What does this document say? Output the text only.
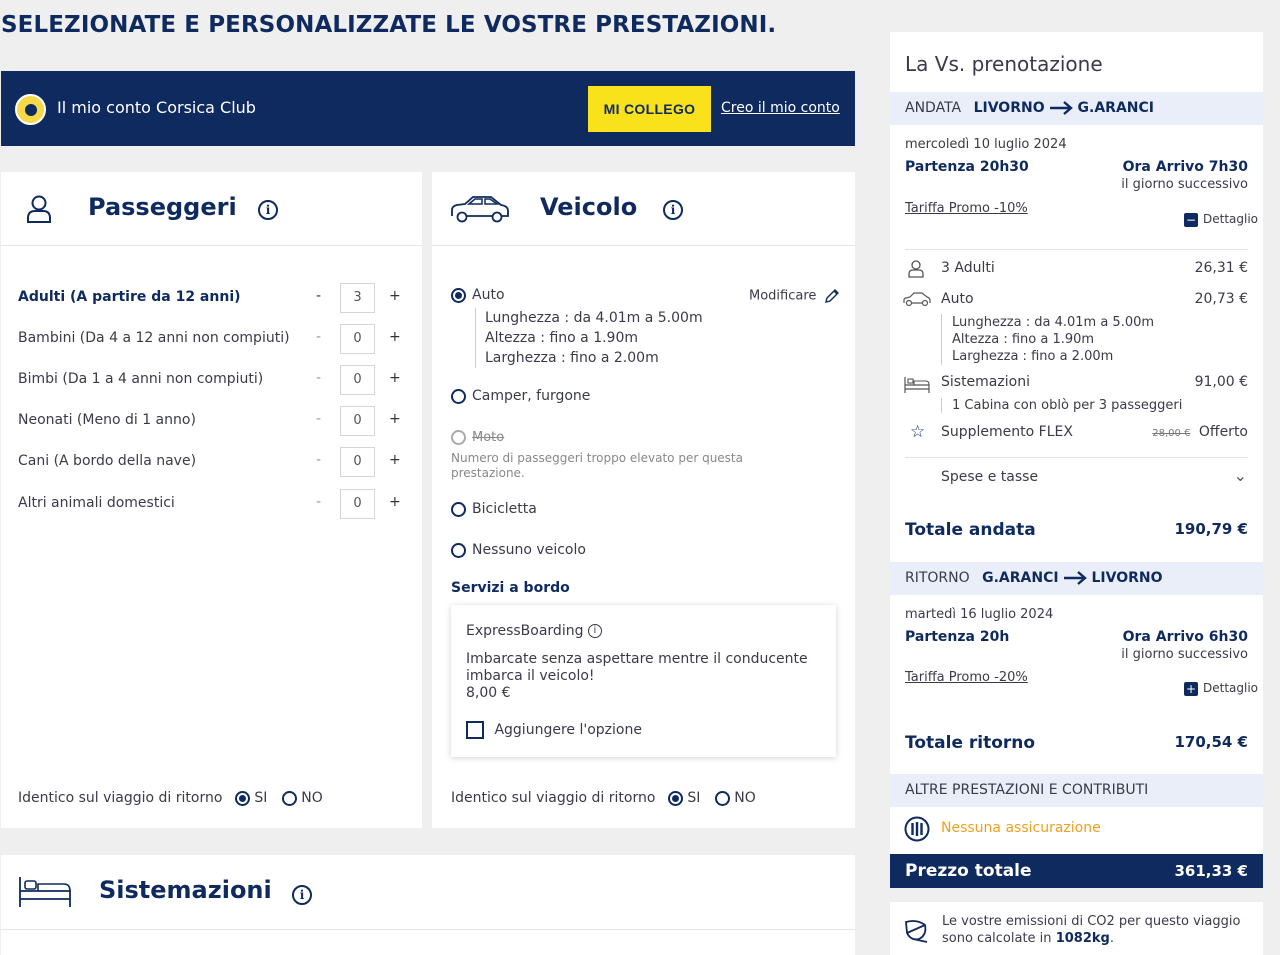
SELEZIONATE E PERSONALIZZATE LE VOSTRE PRESTAZIONI.
Il mio conto Corsica Club	MI COLLEGO	Creo il mio conto
Passeggeri	i
Adulti (A partire da 12 anni)	-	3	+
Bambini (Da 4 a 12 anni non compiuti) -	0	+
Bimbi (Da 1 a 4 anni non compiuti)	-	0	+
Neonati (Meno di 1 anno)	-	0	+
Cani (A bordo della nave)	-	0	+
Altri animali domestici	-	0	+
Identico sul viaggio di ritorno SI NO
Veicolo	i
Auto	Modificare
Lunghezza : da 4.01m a 5.00m
Altezza : fino a 1.90m
Larghezza : fino a 2.00m
Camper, furgone
Moto
Numero di passeggeri troppo elevato per questa prestazione.
Bicicletta
Nessuno veicolo
Servizi a bordo
ExpressBoarding i
Imbarcate senza aspettare mentre il conducente imbarca il veicolo!
8,00 €
Aggiungere l'opzione
Identico sul viaggio di ritorno SI NO
Sistemazioni	i
La Vs. prenotazione
ANDATA LIVORNO G.ARANCI
mercoledì 10 luglio 2024
Partenza 20h30	Ora Arrivo 7h30
il giorno successivo
Tariffa Promo -10%
− Dettaglio
3 Adulti	26,31 €
Auto	20,73 €
Lunghezza : da 4.01m a 5.00m
Altezza : fino a 1.90m
Larghezza : fino a 2.00m
Sistemazioni	91,00 €
1 Cabina con oblò per 3 passeggeri
☆ Supplemento FLEX	28,00 € Offerto
Spese e tasse	⌄
Totale andata	190,79 €
RITORNO G.ARANCI LIVORNO
martedì 16 luglio 2024
Partenza 20h	Ora Arrivo 6h30
il giorno successivo
Tariffa Promo -20%
+ Dettaglio
Totale ritorno	170,54 €
ALTRE PRESTAZIONI E CONTRIBUTI
Nessuna assicurazione
Prezzo totale	361,33 €
Le vostre emissioni di CO2 per questo viaggio sono calcolate in 1082kg.
